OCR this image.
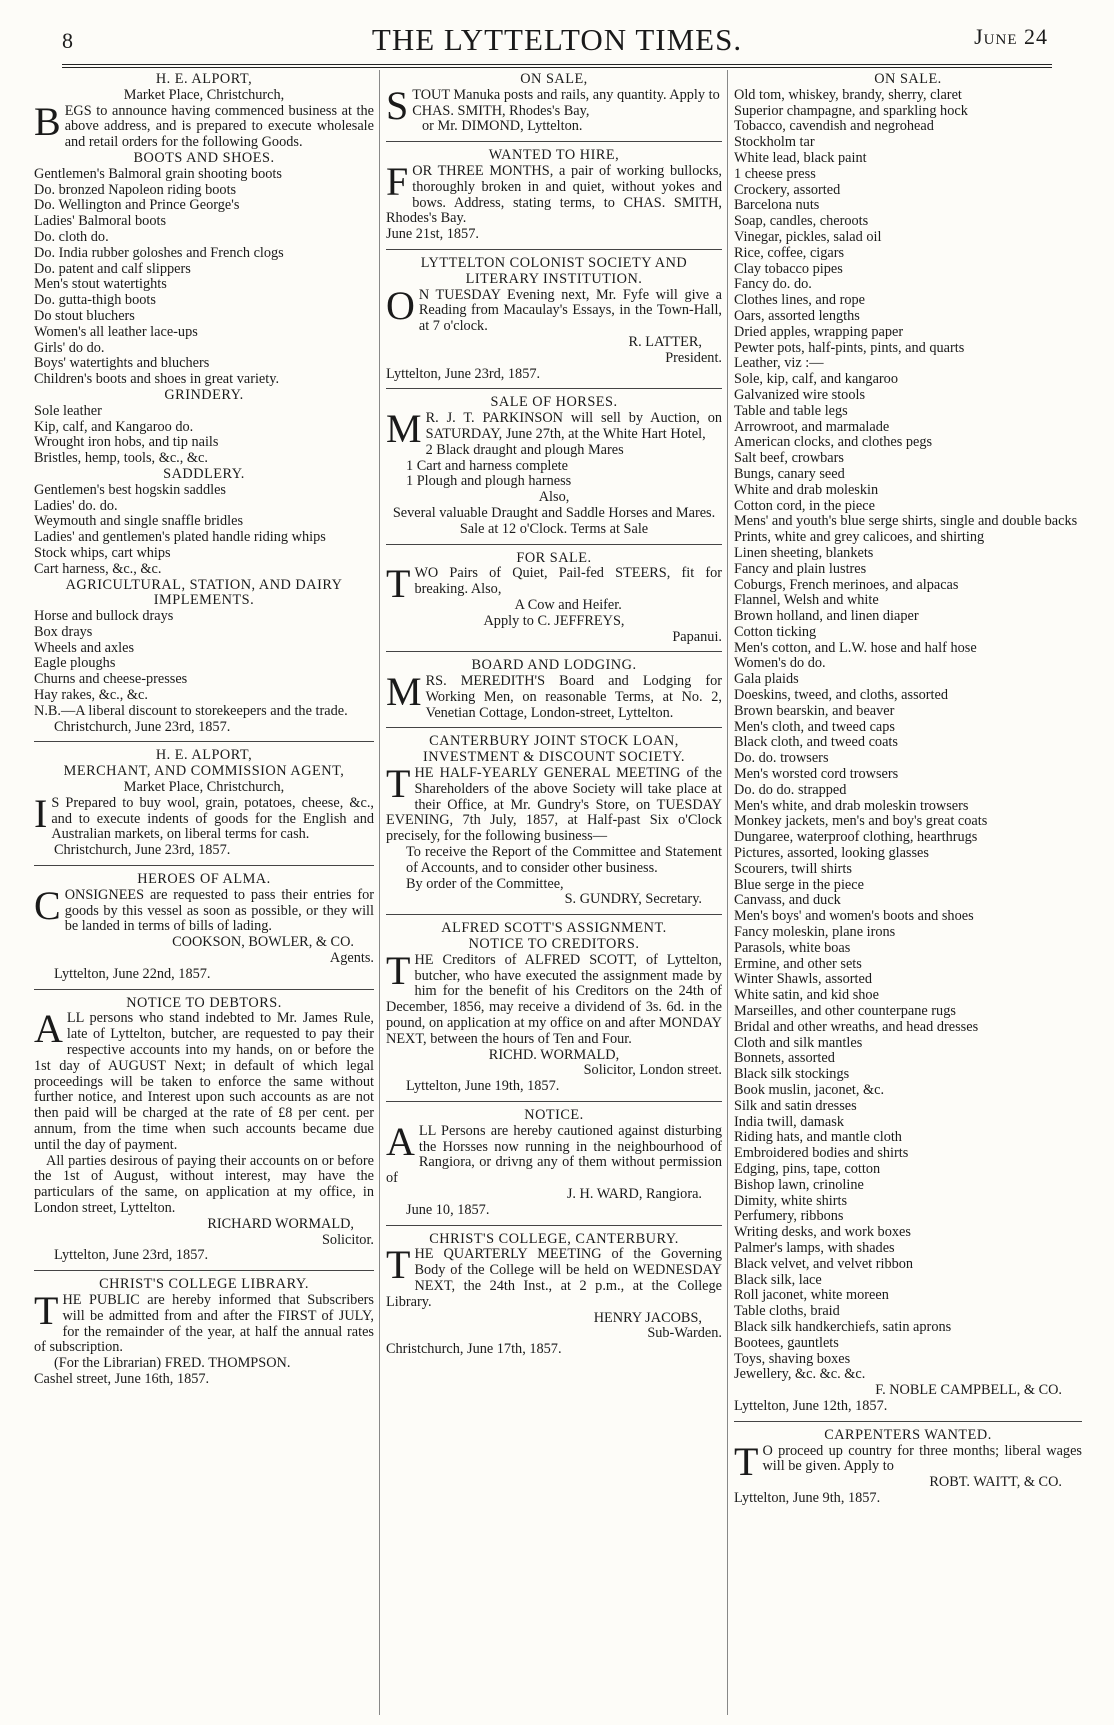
8	THE LYTTELTON TIMES.	June 24
H. E. ALPORT,
Market Place, Christchurch,
BEGS to announce having commenced business at the above address, and is prepared to execute wholesale and retail orders for the following Goods.
BOOTS AND SHOES.
Gentlemen's Balmoral grain shooting boots
Do. bronzed Napoleon riding boots
Do. Wellington and Prince George's
Ladies' Balmoral boots
Do. cloth do.
Do. India rubber goloshes and French clogs
Do. patent and calf slippers
Men's stout watertights
Do. gutta-thigh boots
Do stout bluchers
Women's all leather lace-ups
Girls' do do.
Boys' watertights and bluchers
Children's boots and shoes in great variety.
GRINDERY.
Sole leather
Kip, calf, and Kangaroo do.
Wrought iron hobs, and tip nails
Bristles, hemp, tools, &c., &c.
SADDLERY.
Gentlemen's best hogskin saddles
Ladies' do. do.
Weymouth and single snaffle bridles
Ladies' and gentlemen's plated handle riding whips
Stock whips, cart whips
Cart harness, &c., &c.
AGRICULTURAL, STATION, AND DAIRY IMPLEMENTS.
Horse and bullock drays
Box drays
Wheels and axles
Eagle ploughs
Churns and cheese-presses
Hay rakes, &c., &c.
N.B.—A liberal discount to storekeepers and the trade.
Christchurch, June 23rd, 1857.
H. E. ALPORT,
MERCHANT, AND COMMISSION AGENT,
Market Place, Christchurch,
I S Prepared to buy wool, grain, potatoes, cheese, &c., and to execute indents of goods for the English and Australian markets, on liberal terms for cash.
Christchurch, June 23rd, 1857.
HEROES OF ALMA.
CONSIGNEES are requested to pass their entries for goods by this vessel as soon as possible, or they will be landed in terms of bills of lading.
COOKSON, BOWLER, & CO.
Agents.
Lyttelton, June 22nd, 1857.
NOTICE TO DEBTORS.
ALL persons who stand indebted to Mr. James Rule, late of Lyttelton, butcher, are requested to pay their respective accounts into my hands, on or before the 1st day of AUGUST Next; in default of which legal proceedings will be taken to enforce the same without further notice, and Interest upon such accounts as are not then paid will be charged at the rate of £8 per cent. per annum, from the time when such accounts became due until the day of payment.
All parties desirous of paying their accounts on or before the 1st of August, without interest, may have the particulars of the same, on application at my office, in London street, Lyttelton.
RICHARD WORMALD,
Solicitor.
Lyttelton, June 23rd, 1857.
CHRIST'S COLLEGE LIBRARY.
THE PUBLIC are hereby informed that Subscribers will be admitted from and after the FIRST of JULY, for the remainder of the year, at half the annual rates of subscription.
(For the Librarian) FRED. THOMPSON.
Cashel street, June 16th, 1857.
ON SALE,
STOUT Manuka posts and rails, any quantity. Apply to
CHAS. SMITH, Rhodes's Bay,
or Mr. DIMOND, Lyttelton.
WANTED TO HIRE,
FOR THREE MONTHS, a pair of working bullocks, thoroughly broken in and quiet, without yokes and bows. Address, stating terms, to CHAS. SMITH, Rhodes's Bay.
June 21st, 1857.
LYTTELTON COLONIST SOCIETY AND LITERARY INSTITUTION.
O N TUESDAY Evening next, Mr. Fyfe will give a Reading from Macaulay's Essays, in the Town-Hall, at 7 o'clock.
R. LATTER,
President.
Lyttelton, June 23rd, 1857.
SALE OF HORSES.
M R. J. T. PARKINSON will sell by Auction, on SATURDAY, June 27th, at the White Hart Hotel,
2 Black draught and plough Mares
1 Cart and harness complete
1 Plough and plough harness
Also,
Several valuable Draught and Saddle Horses and Mares.
Sale at 12 o'Clock. Terms at Sale
FOR SALE.
TWO Pairs of Quiet, Pail-fed STEERS, fit for breaking. Also,
A Cow and Heifer.
Apply to C. JEFFREYS,
Papanui.
BOARD AND LODGING.
MRS. MEREDITH'S Board and Lodging for Working Men, on reasonable Terms, at No. 2, Venetian Cottage, London-street, Lyttelton.
CANTERBURY JOINT STOCK LOAN, INVESTMENT & DISCOUNT SOCIETY.
THE HALF-YEARLY GENERAL MEETING of the Shareholders of the above Society will take place at their Office, at Mr. Gundry's Store, on TUESDAY EVENING, 7th July, 1857, at Half-past Six o'Clock precisely, for the following business—
To receive the Report of the Committee and Statement of Accounts, and to consider other business.
By order of the Committee,
S. GUNDRY, Secretary.
ALFRED SCOTT'S ASSIGNMENT.
NOTICE TO CREDITORS.
THE Creditors of ALFRED SCOTT, of Lyttelton, butcher, who have executed the assignment made by him for the benefit of his Creditors on the 24th of December, 1856, may receive a dividend of 3s. 6d. in the pound, on application at my office on and after MONDAY NEXT, between the hours of Ten and Four.
RICHD. WORMALD,
Solicitor, London street.
Lyttelton, June 19th, 1857.
NOTICE.
ALL Persons are hereby cautioned against disturbing the Horsses now running in the neighbourhood of Rangiora, or drivng any of them without permission of
J. H. WARD, Rangiora.
June 10, 1857.
CHRIST'S COLLEGE, CANTERBURY.
THE QUARTERLY MEETING of the Governing Body of the College will be held on WEDNESDAY NEXT, the 24th Inst., at 2 p.m., at the College Library.
HENRY JACOBS,
Sub-Warden.
Christchurch, June 17th, 1857.
ON SALE.
Old tom, whiskey, brandy, sherry, claret
Superior champagne, and sparkling hock
Tobacco, cavendish and negrohead
Stockholm tar
White lead, black paint
1 cheese press
Crockery, assorted
Barcelona nuts
Soap, candles, cheroots
Vinegar, pickles, salad oil
Rice, coffee, cigars
Clay tobacco pipes
Fancy do. do.
Clothes lines, and rope
Oars, assorted lengths
Dried apples, wrapping paper
Pewter pots, half-pints, pints, and quarts
Leather, viz :—
Sole, kip, calf, and kangaroo
Galvanized wire stools
Table and table legs
Arrowroot, and marmalade
American clocks, and clothes pegs
Salt beef, crowbars
Bungs, canary seed
White and drab moleskin
Cotton cord, in the piece
Mens' and youth's blue serge shirts, single and double backs
Prints, white and grey calicoes, and shirting
Linen sheeting, blankets
Fancy and plain lustres
Coburgs, French merinoes, and alpacas
Flannel, Welsh and white
Brown holland, and linen diaper
Cotton ticking
Men's cotton, and L.W. hose and half hose
Women's do do.
Gala plaids
Doeskins, tweed, and cloths, assorted
Brown bearskin, and beaver
Men's cloth, and tweed caps
Black cloth, and tweed coats
Do. do. trowsers
Men's worsted cord trowsers
Do. do do. strapped
Men's white, and drab moleskin trowsers
Monkey jackets, men's and boy's great coats
Dungaree, waterproof clothing, hearthrugs
Pictures, assorted, looking glasses
Scourers, twill shirts
Blue serge in the piece
Canvass, and duck
Men's boys' and women's boots and shoes
Fancy moleskin, plane irons
Parasols, white boas
Ermine, and other sets
Winter Shawls, assorted
White satin, and kid shoe
Marseilles, and other counterpane rugs
Bridal and other wreaths, and head dresses
Cloth and silk mantles
Bonnets, assorted
Black silk stockings
Book muslin, jaconet, &c.
Silk and satin dresses
India twill, damask
Riding hats, and mantle cloth
Embroidered bodies and shirts
Edging, pins, tape, cotton
Bishop lawn, crinoline
Dimity, white shirts
Perfumery, ribbons
Writing desks, and work boxes
Palmer's lamps, with shades
Black velvet, and velvet ribbon
Black silk, lace
Roll jaconet, white moreen
Table cloths, braid
Black silk handkerchiefs, satin aprons
Bootees, gauntlets
Toys, shaving boxes
Jewellery, &c. &c. &c.
F. NOBLE CAMPBELL, & CO.
Lyttelton, June 12th, 1857.
CARPENTERS WANTED.
T O proceed up country for three months; liberal wages will be given. Apply to
ROBT. WAITT, & CO.
Lyttelton, June 9th, 1857.
